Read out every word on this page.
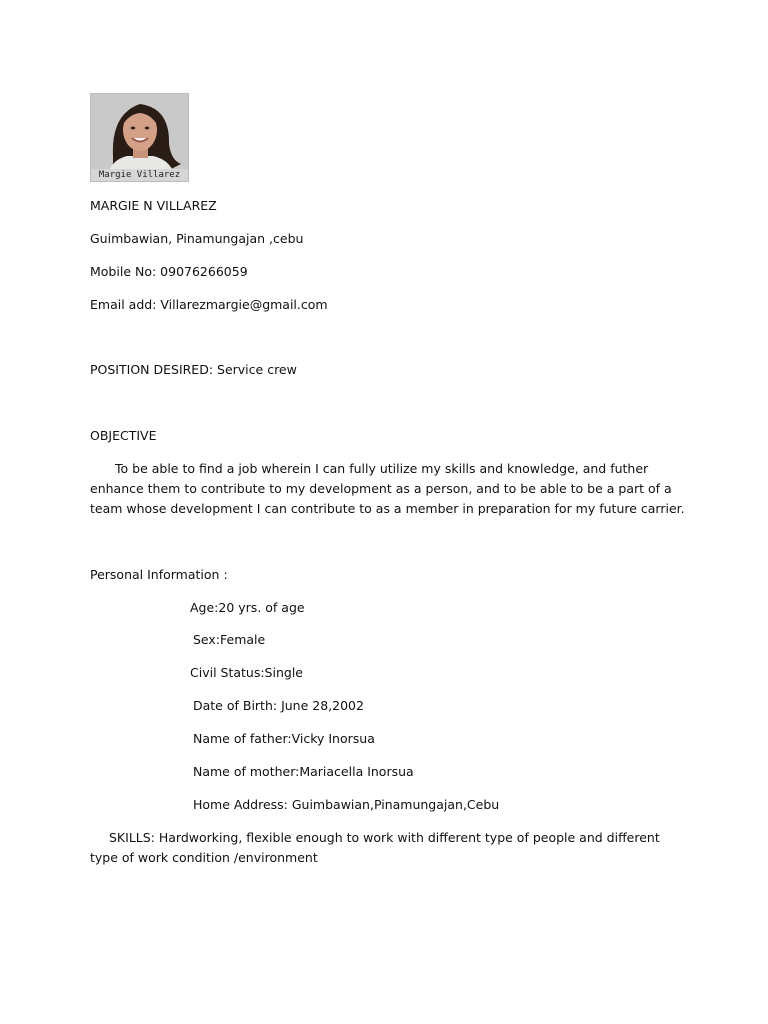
Margie Villarez
MARGIE N VILLAREZ
Guimbawian, Pinamungajan ,cebu
Mobile No: 09076266059
Email add: Villarezmargie@gmail.com
POSITION DESIRED: Service crew
OBJECTIVE
To be able to find a job wherein I can fully utilize my skills and knowledge, and futher enhance them to contribute to my development as a person, and to be able to be a part of a team whose development I can contribute to as a member in preparation for my future carrier.
Personal Information :
Age:20 yrs. of age
Sex:Female
Civil Status:Single
Date of Birth: June 28,2002
Name of father:Vicky Inorsua
Name of mother:Mariacella Inorsua
Home Address: Guimbawian,Pinamungajan,Cebu
SKILLS: Hardworking, flexible enough to work with different type of people and different type of work condition /environment
